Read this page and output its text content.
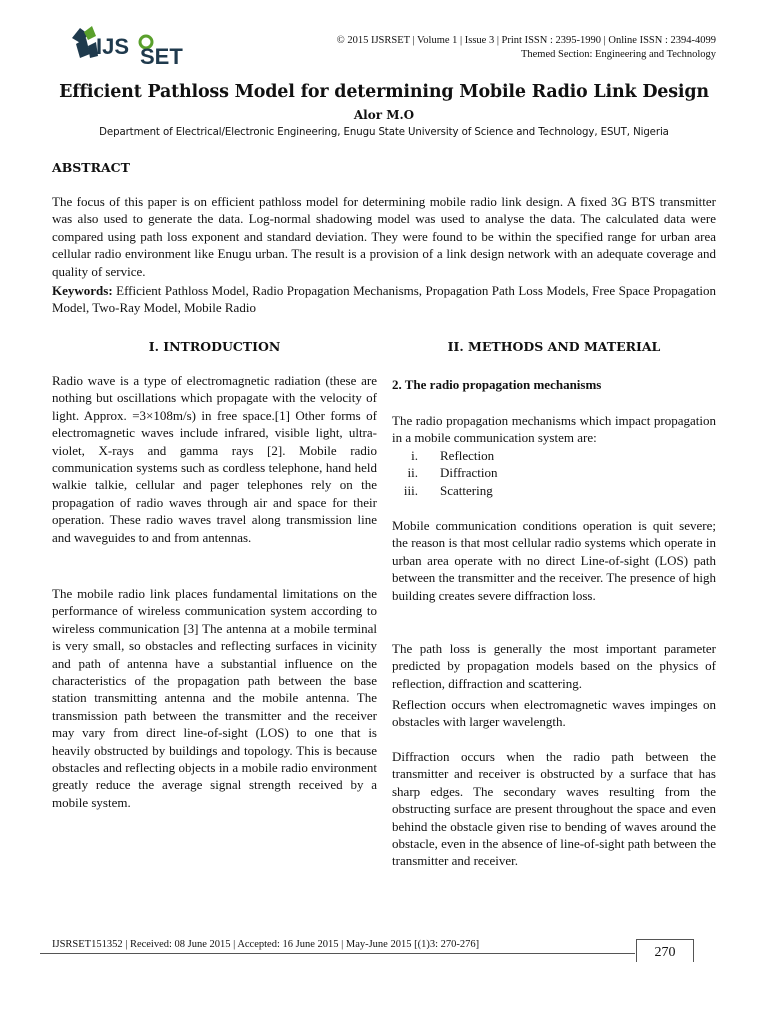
IJS SET
© 2015 IJSRSET | Volume 1 | Issue 3 | Print ISSN : 2395-1990 | Online ISSN : 2394-4099
Themed Section: Engineering and Technology
Efficient Pathloss Model for determining Mobile Radio Link Design
Alor M.O
Department of Electrical/Electronic Engineering, Enugu State University of Science and Technology, ESUT, Nigeria
ABSTRACT
The focus of this paper is on efficient pathloss model for determining mobile radio link design. A fixed 3G BTS transmitter was also used to generate the data. Log-normal shadowing model was used to analyse the data. The calculated data were compared using path loss exponent and standard deviation. They were found to be within the specified range for urban area cellular radio environment like Enugu urban. The result is a provision of a link design network with an adequate coverage and quality of service.
Keywords: Efficient Pathloss Model, Radio Propagation Mechanisms, Propagation Path Loss Models, Free Space Propagation Model, Two-Ray Model, Mobile Radio
I. INTRODUCTION
Radio wave is a type of electromagnetic radiation (these are nothing but oscillations which propagate with the velocity of light. Approx. =3×108m/s) in free space.[1] Other forms of electromagnetic waves include infrared, visible light, ultra-violet, X-rays and gamma rays [2]. Mobile radio communication systems such as cordless telephone, hand held walkie talkie, cellular and pager telephones rely on the propagation of radio waves through air and space for their operation. These radio waves travel along transmission line and waveguides to and from antennas.
The mobile radio link places fundamental limitations on the performance of wireless communication system according to wireless communication [3] The antenna at a mobile terminal is very small, so obstacles and reflecting surfaces in vicinity and path of antenna have a substantial influence on the characteristics of the propagation path between the base station transmitting antenna and the mobile antenna. The transmission path between the transmitter and the receiver may vary from direct line-of-sight (LOS) to one that is heavily obstructed by buildings and topology. This is because obstacles and reflecting objects in a mobile radio environment greatly reduce the average signal strength received by a mobile system.
II. METHODS AND MATERIAL
2. The radio propagation mechanisms
The radio propagation mechanisms which impact propagation in a mobile communication system are:
i. Reflection
ii. Diffraction
iii. Scattering
Mobile communication conditions operation is quit severe; the reason is that most cellular radio systems which operate in urban area operate with no direct Line-of-sight (LOS) path between the transmitter and the receiver. The presence of high building creates severe diffraction loss.
The path loss is generally the most important parameter predicted by propagation models based on the physics of reflection, diffraction and scattering.
Reflection occurs when electromagnetic waves impinges on obstacles with larger wavelength.
Diffraction occurs when the radio path between the transmitter and receiver is obstructed by a surface that has sharp edges. The secondary waves resulting from the obstructing surface are present throughout the space and even behind the obstacle given rise to bending of waves around the obstacle, even in the absence of line-of-sight path between the transmitter and receiver.
IJSRSET151352 | Received: 08 June 2015 | Accepted: 16 June 2015 | May-June 2015 [(1)3: 270-276]
270
